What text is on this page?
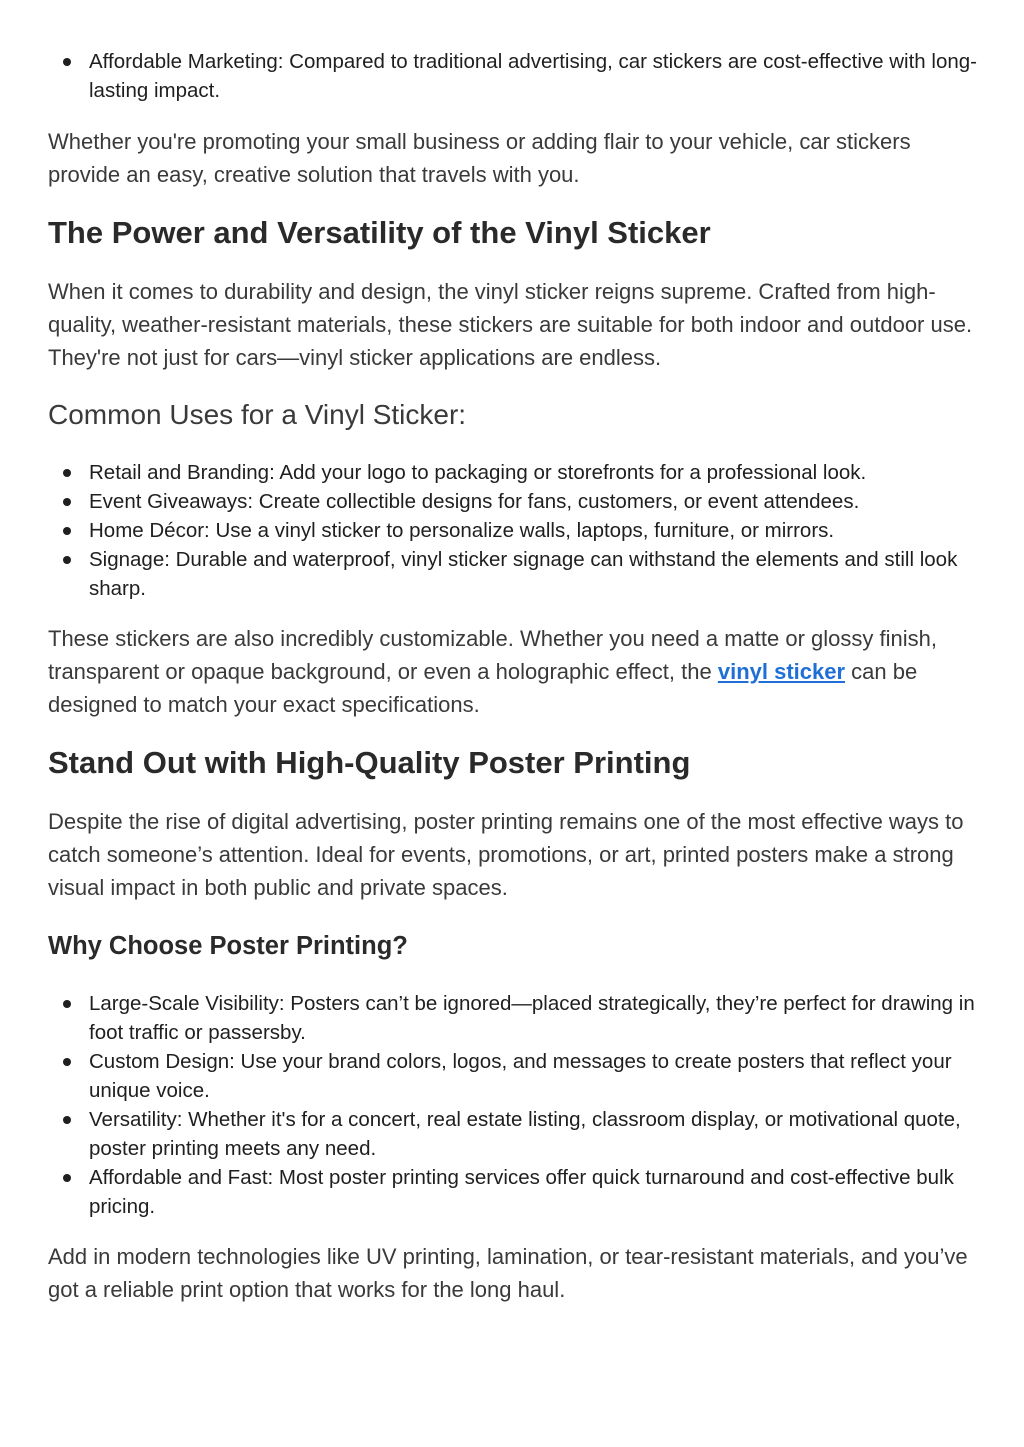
Affordable Marketing: Compared to traditional advertising, car stickers are cost-effective with long-lasting impact.

Whether you're promoting your small business or adding flair to your vehicle, car stickers provide an easy, creative solution that travels with you.

The Power and Versatility of the Vinyl Sticker

When it comes to durability and design, the vinyl sticker reigns supreme. Crafted from high-quality, weather-resistant materials, these stickers are suitable for both indoor and outdoor use. They're not just for cars—vinyl sticker applications are endless.

Common Uses for a Vinyl Sticker:
Retail and Branding: Add your logo to packaging or storefronts for a professional look.
Event Giveaways: Create collectible designs for fans, customers, or event attendees.
Home Décor: Use a vinyl sticker to personalize walls, laptops, furniture, or mirrors.
Signage: Durable and waterproof, vinyl sticker signage can withstand the elements and still look sharp.

These stickers are also incredibly customizable. Whether you need a matte or glossy finish, transparent or opaque background, or even a holographic effect, the vinyl sticker can be designed to match your exact specifications.

Stand Out with High-Quality Poster Printing

Despite the rise of digital advertising, poster printing remains one of the most effective ways to catch someone’s attention. Ideal for events, promotions, or art, printed posters make a strong visual impact in both public and private spaces.

Why Choose Poster Printing?
Large-Scale Visibility: Posters can’t be ignored—placed strategically, they’re perfect for drawing in foot traffic or passersby.
Custom Design: Use your brand colors, logos, and messages to create posters that reflect your unique voice.
Versatility: Whether it's for a concert, real estate listing, classroom display, or motivational quote, poster printing meets any need.
Affordable and Fast: Most poster printing services offer quick turnaround and cost-effective bulk pricing.

Add in modern technologies like UV printing, lamination, or tear-resistant materials, and you’ve got a reliable print option that works for the long haul.
